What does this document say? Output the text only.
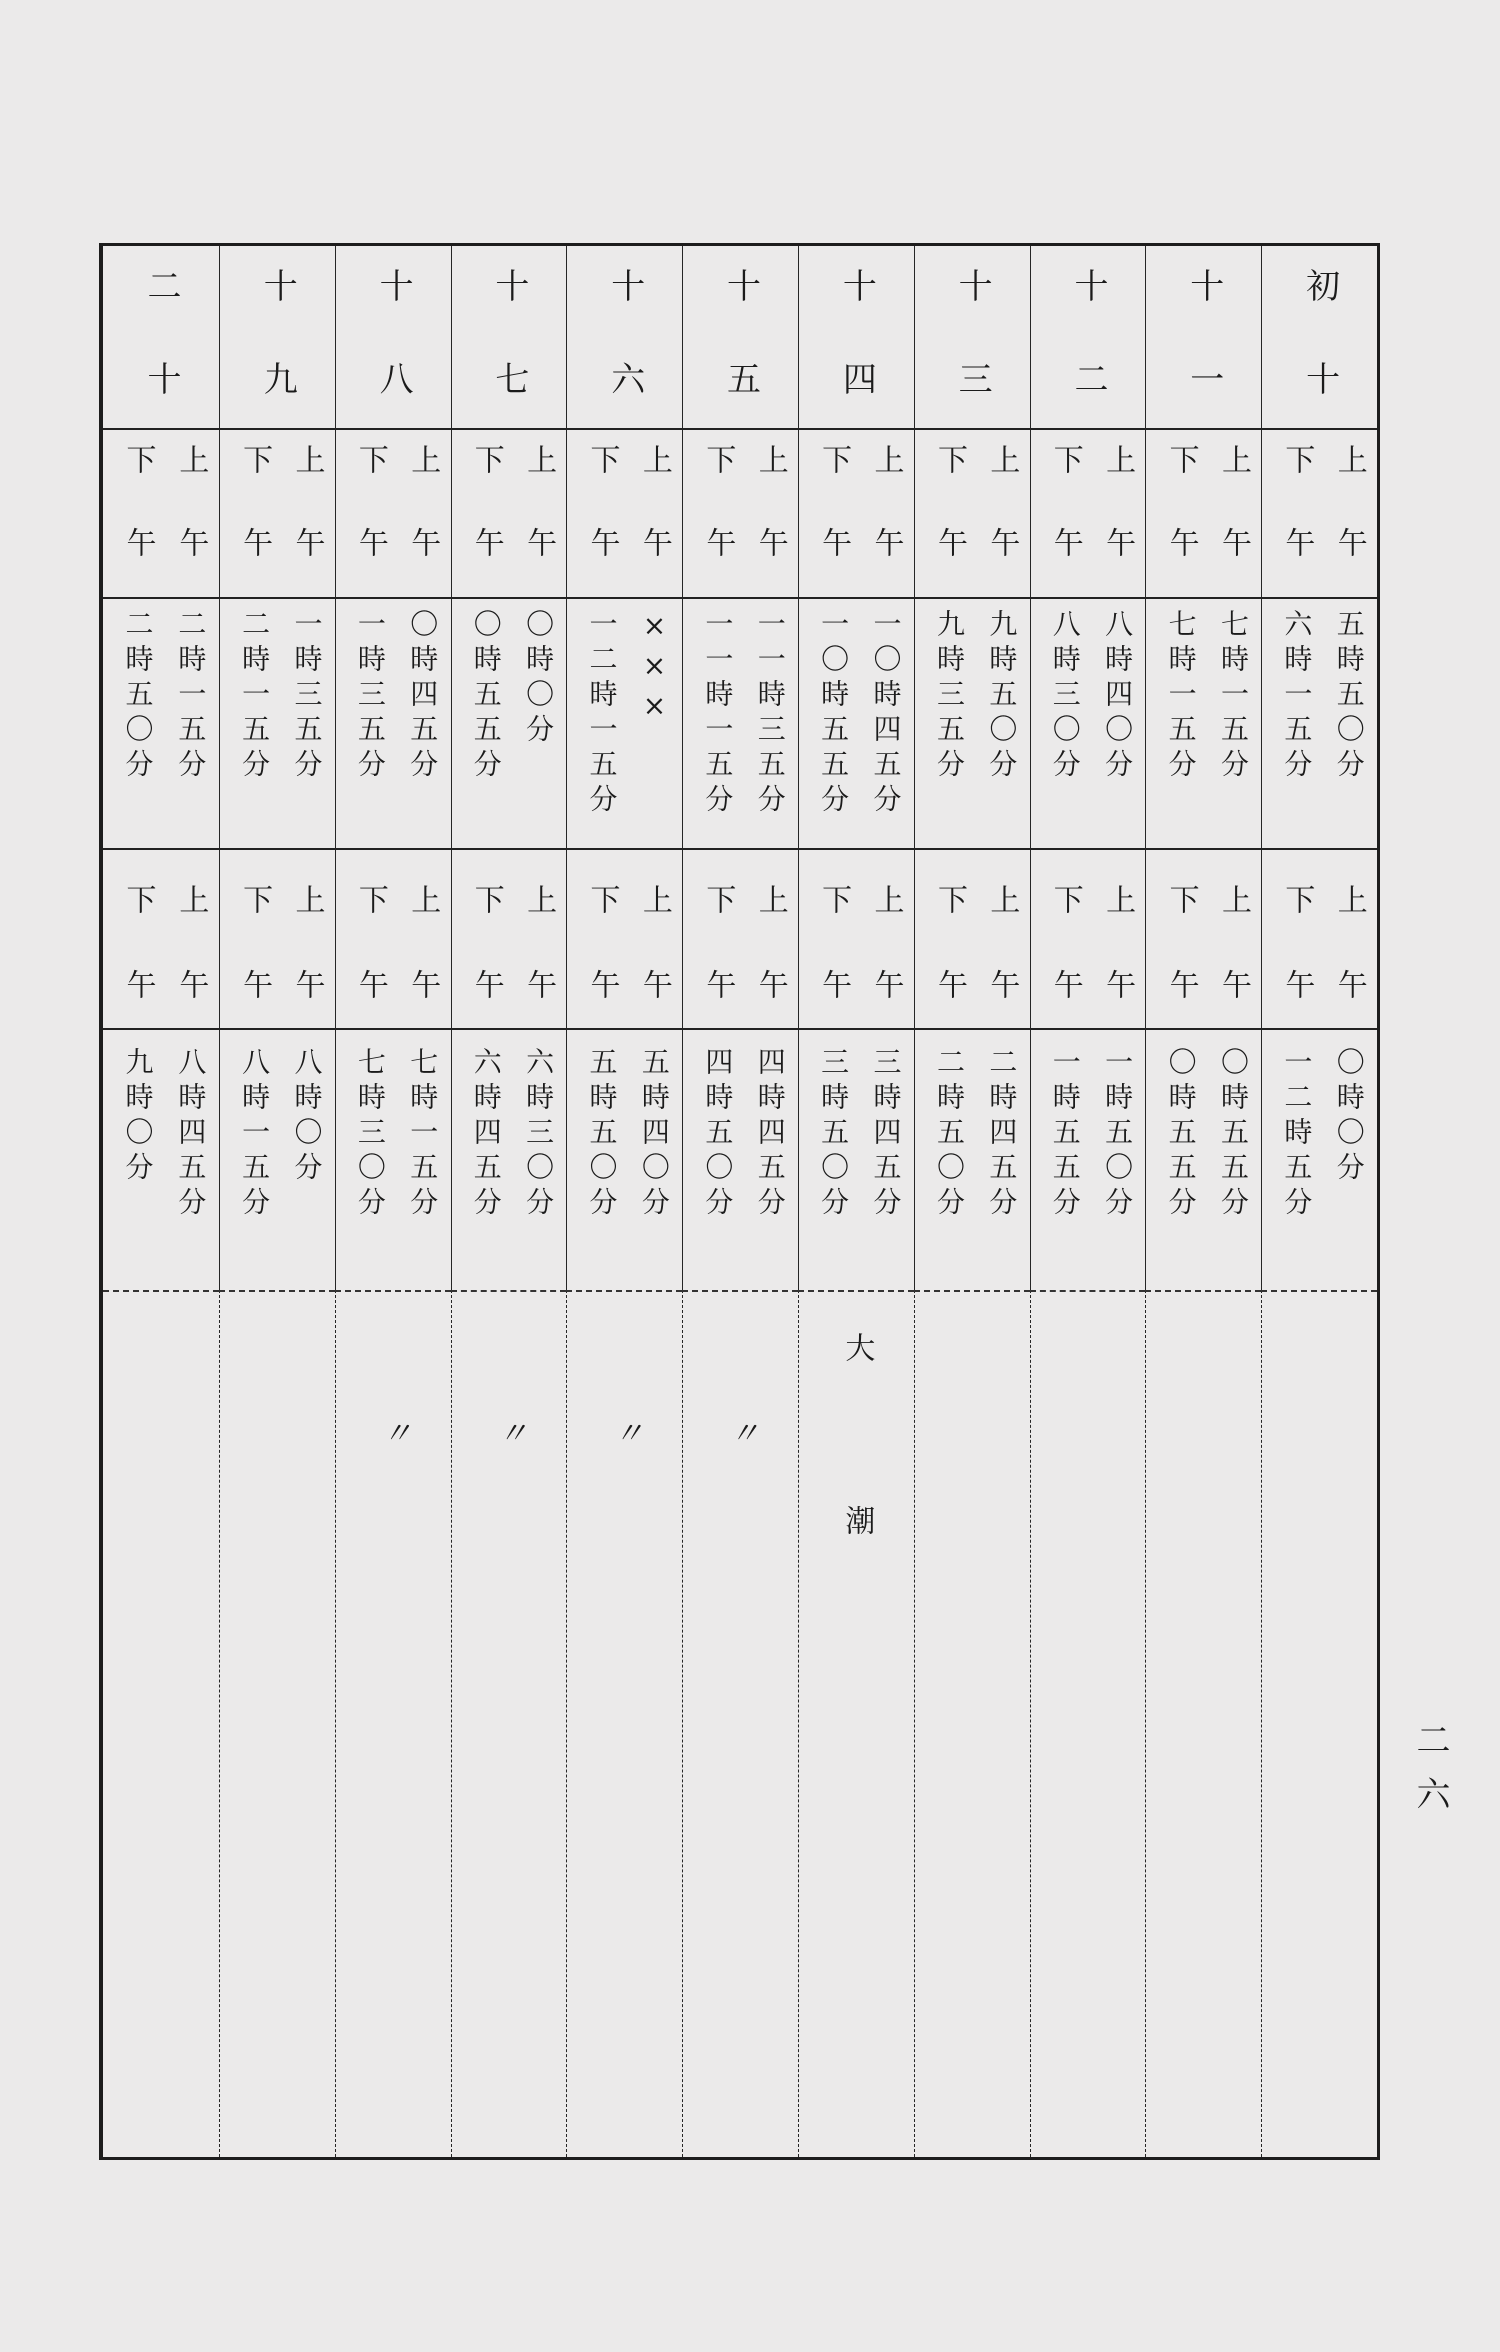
初十
上午
下午
五時五〇分
六時一五分
上午
下午
〇時〇分
一二時五分
十一
上午
下午
七時一五分
七時一五分
上午
下午
〇時五五分
〇時五五分
十二
上午
下午
八時四〇分
八時三〇分
上午
下午
一時五〇分
一時五五分
十三
上午
下午
九時五〇分
九時三五分
上午
下午
二時四五分
二時五〇分
十四
上午
下午
一〇時四五分
一〇時五五分
上午
下午
三時四五分
三時五〇分
大潮
十五
上午
下午
一一時三五分
一一時一五分
上午
下午
四時四五分
四時五〇分
〃
十六
上午
下午
×××
一二時一五分
上午
下午
五時四〇分
五時五〇分
〃
十七
上午
下午
〇時〇分
〇時五五分
上午
下午
六時三〇分
六時四五分
〃
十八
上午
下午
〇時四五分
一時三五分
上午
下午
七時一五分
七時三〇分
〃
十九
上午
下午
一時三五分
二時一五分
上午
下午
八時〇分
八時一五分
二十
上午
下午
二時一五分
二時五〇分
上午
下午
八時四五分
九時〇分
二六
